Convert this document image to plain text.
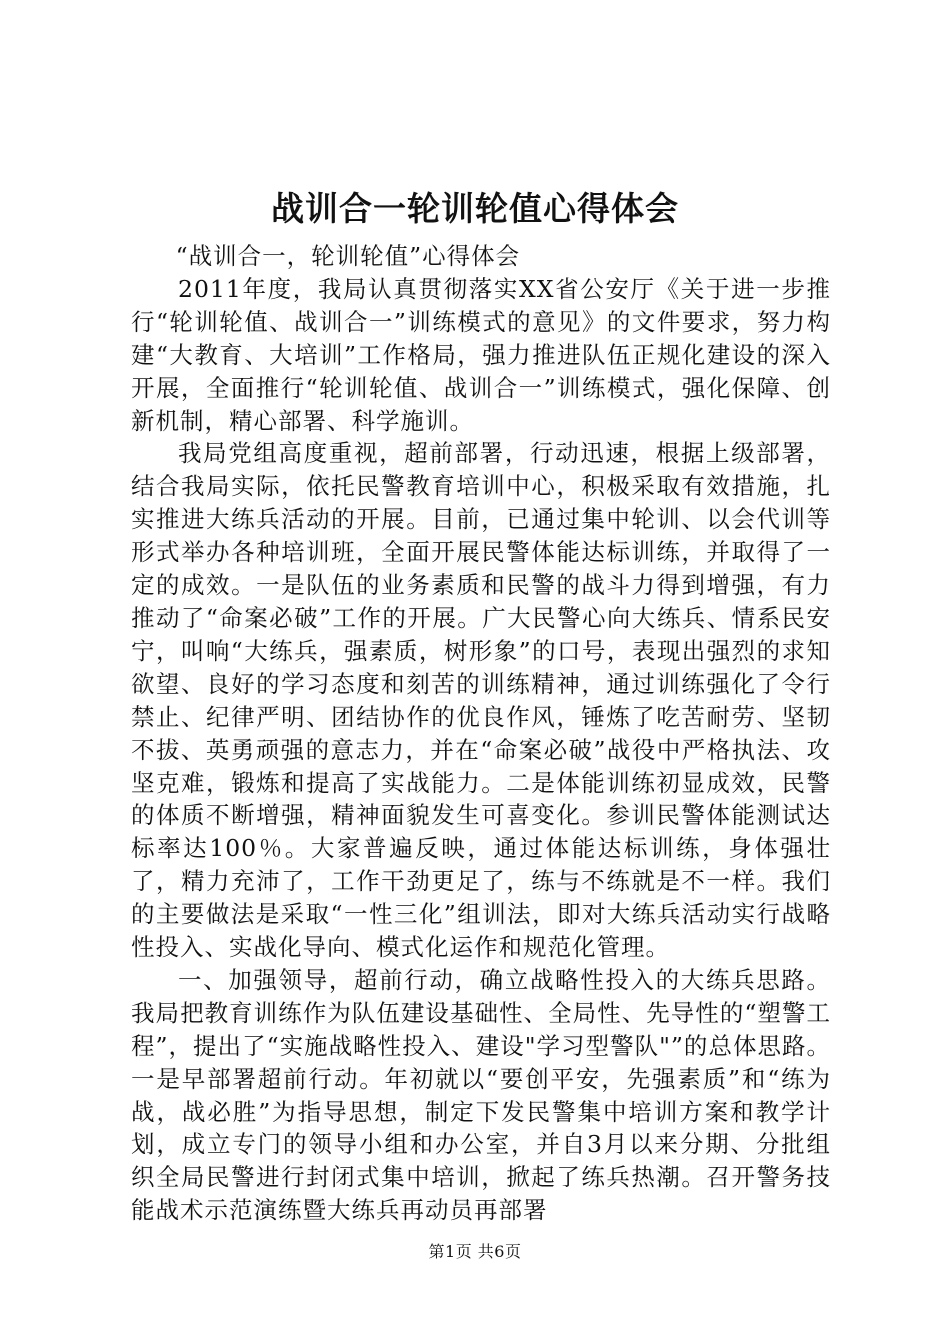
战训合一轮训轮值心得体会

“战训合一，轮训轮值”心得体会

2011年度，我局认真贯彻落实XX省公安厅《关于进一步推行“轮训轮值、战训合一”训练模式的意见》的文件要求，努力构建“大教育、大培训”工作格局，强力推进队伍正规化建设的深入开展，全面推行“轮训轮值、战训合一”训练模式，强化保障、创新机制，精心部署、科学施训。

我局党组高度重视，超前部署，行动迅速，根据上级部署，结合我局实际，依托民警教育培训中心，积极采取有效措施，扎实推进大练兵活动的开展。目前，已通过集中轮训、以会代训等形式举办各种培训班，全面开展民警体能达标训练，并取得了一定的成效。一是队伍的业务素质和民警的战斗力得到增强，有力推动了“命案必破”工作的开展。广大民警心向大练兵、情系民安宁，叫响“大练兵，强素质，树形象”的口号，表现出强烈的求知欲望、良好的学习态度和刻苦的训练精神，通过训练强化了令行禁止、纪律严明、团结协作的优良作风，锤炼了吃苦耐劳、坚韧不拔、英勇顽强的意志力，并在“命案必破”战役中严格执法、攻坚克难，锻炼和提高了实战能力。二是体能训练初显成效，民警的体质不断增强，精神面貌发生可喜变化。参训民警体能测试达标率达100％。大家普遍反映，通过体能达标训练，身体强壮了，精力充沛了，工作干劲更足了，练与不练就是不一样。我们的主要做法是采取“一性三化”组训法，即对大练兵活动实行战略性投入、实战化导向、模式化运作和规范化管理。

一、加强领导，超前行动，确立战略性投入的大练兵思路。我局把教育训练作为队伍建设基础性、全局性、先导性的“塑警工程”，提出了“实施战略性投入、建设"学习型警队"”的总体思路。一是早部署超前行动。年初就以“要创平安，先强素质”和“练为战，战必胜”为指导思想，制定下发民警集中培训方案和教学计划，成立专门的领导小组和办公室，并自3月以来分期、分批组织全局民警进行封闭式集中培训，掀起了练兵热潮。召开警务技能战术示范演练暨大练兵再动员再部署

第1页 共6页
